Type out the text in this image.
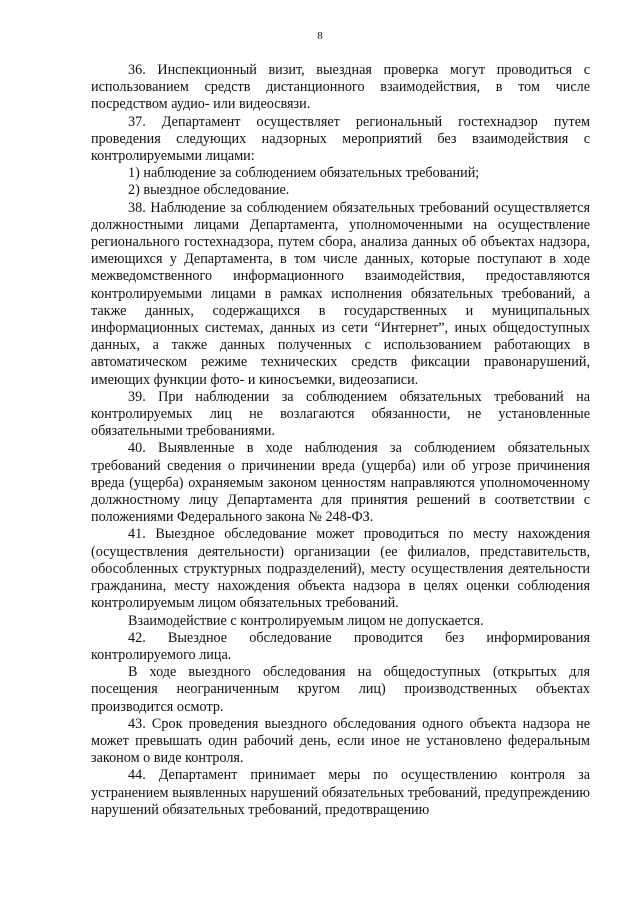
8

36. Инспекционный визит, выездная проверка могут проводиться с использованием средств дистанционного взаимодействия, в том числе посредством аудио- или видеосвязи.

37. Департамент осуществляет региональный гостехнадзор путем проведения следующих надзорных мероприятий без взаимодействия с контролируемыми лицами:

1) наблюдение за соблюдением обязательных требований;

2) выездное обследование.

38. Наблюдение за соблюдением обязательных требований осуществляется должностными лицами Департамента, уполномоченными на осуществление регионального гостехнадзора, путем сбора, анализа данных об объектах надзора, имеющихся у Департамента, в том числе данных, которые поступают в ходе межведомственного информационного взаимодействия, предоставляются контролируемыми лицами в рамках исполнения обязательных требований, а также данных, содержащихся в государственных и муниципальных информационных системах, данных из сети “Интернет”, иных общедоступных данных, а также данных полученных с использованием работающих в автоматическом режиме технических средств фиксации правонарушений, имеющих функции фото- и киносъемки, видеозаписи.

39. При наблюдении за соблюдением обязательных требований на контролируемых лиц не возлагаются обязанности, не установленные обязательными требованиями.

40. Выявленные в ходе наблюдения за соблюдением обязательных требований сведения о причинении вреда (ущерба) или об угрозе причинения вреда (ущерба) охраняемым законом ценностям направляются уполномоченному должностному лицу Департамента для принятия решений в соответствии с положениями Федерального закона № 248-ФЗ.

41. Выездное обследование может проводиться по месту нахождения (осуществления деятельности) организации (ее филиалов, представительств, обособленных структурных подразделений), месту осуществления деятельности гражданина, месту нахождения объекта надзора в целях оценки соблюдения контролируемым лицом обязательных требований.

Взаимодействие с контролируемым лицом не допускается.

42. Выездное обследование проводится без информирования контролируемого лица.

В ходе выездного обследования на общедоступных (открытых для посещения неограниченным кругом лиц) производственных объектах производится осмотр.

43. Срок проведения выездного обследования одного объекта надзора не может превышать один рабочий день, если иное не установлено федеральным законом о виде контроля.

44. Департамент принимает меры по осуществлению контроля за устранением выявленных нарушений обязательных требований, предупреждению нарушений обязательных требований, предотвращению
